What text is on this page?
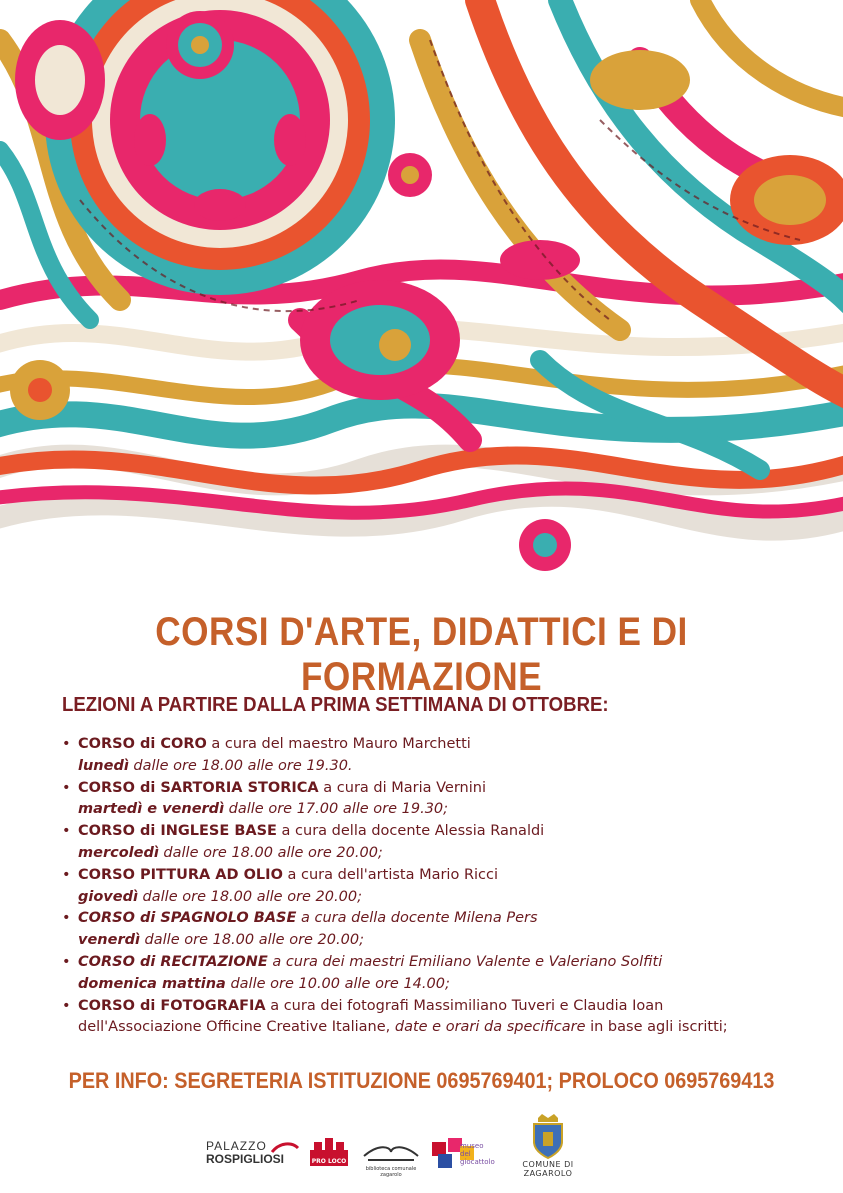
CORSI D'ARTE, DIDATTICI E DI FORMAZIONE
LEZIONI A PARTIRE DALLA PRIMA SETTIMANA DI OTTOBRE:
• CORSO di CORO a cura del maestro Mauro Marchetti
lunedì dalle ore 18.00 alle ore 19.30.
• CORSO di SARTORIA STORICA a cura di Maria Vernini
martedì e venerdì dalle ore 17.00 alle ore 19.30;
• CORSO di INGLESE BASE a cura della docente Alessia Ranaldi
mercoledì dalle ore 18.00 alle ore 20.00;
• CORSO PITTURA AD OLIO a cura dell'artista Mario Ricci
giovedì dalle ore 18.00 alle ore 20.00;
• CORSO di SPAGNOLO BASE a cura della docente Milena Pers
venerdì dalle ore 18.00 alle ore 20.00;
• CORSO di RECITAZIONE a cura dei maestri Emiliano Valente e Valeriano Solfiti
domenica mattina dalle ore 10.00 alle ore 14.00;
• CORSO di FOTOGRAFIA a cura dei fotografi Massimiliano Tuveri e Claudia Ioan
dell'Associazione Officine Creative Italiane, date e orari da specificare in base agli iscritti;
PER INFO: SEGRETERIA ISTITUZIONE 0695769401; PROLOCO 0695769413
PALAZZO
ROSPIGLIOSI	PRO LOCO
biblioteca comunale zagarolo
museo del giocattolo	COMUNE DI ZAGAROLO
